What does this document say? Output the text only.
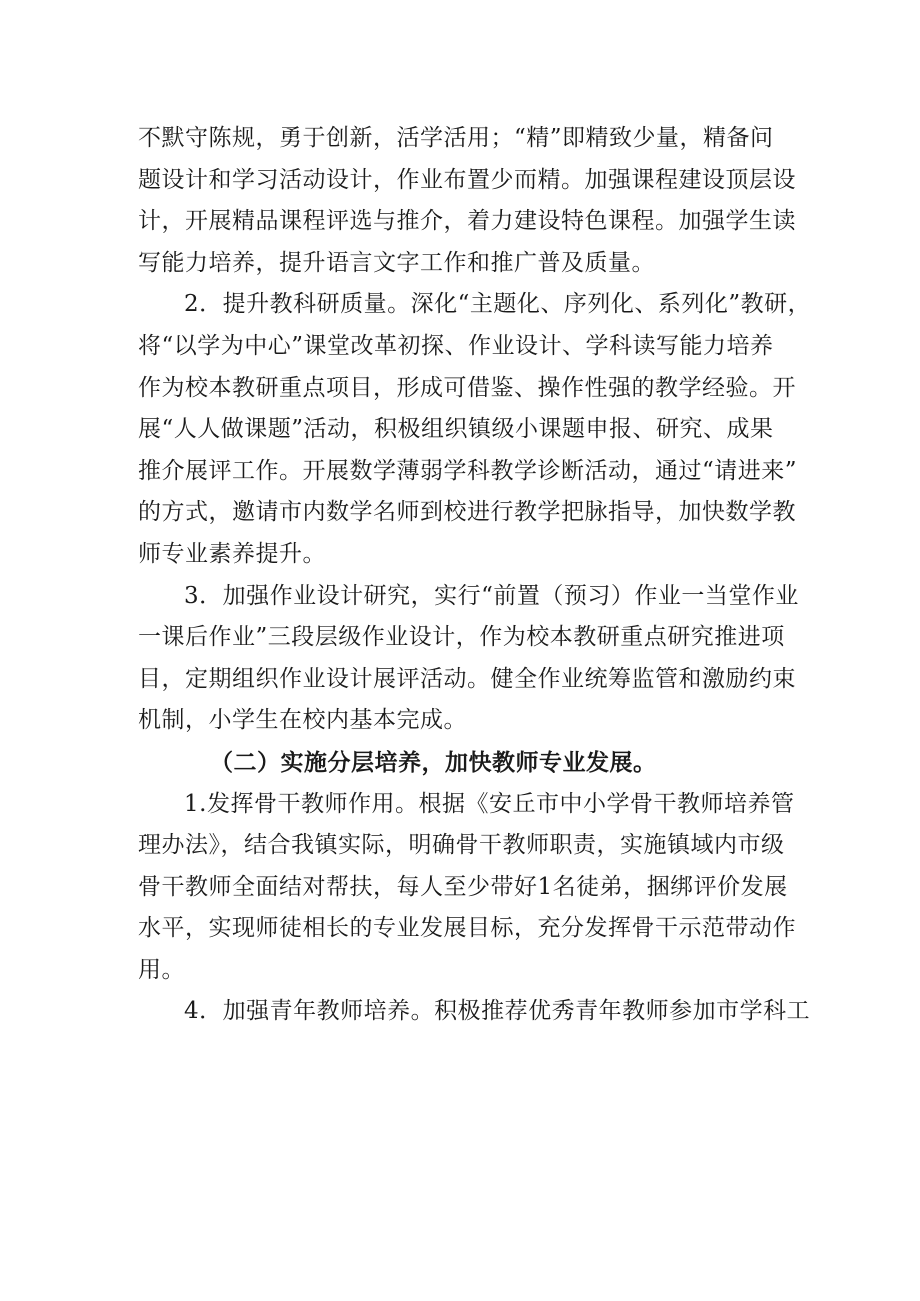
不默守陈规，勇于创新，活学活用；“精”即精致少量，精备问
题设计和学习活动设计，作业布置少而精。加强课程建设顶层设
计，开展精品课程评选与推介，着力建设特色课程。加强学生读
写能力培养，提升语言文字工作和推广普及质量。

2．提升教科研质量。深化“主题化、序列化、系列化”教研，
将“以学为中心”课堂改革初探、作业设计、学科读写能力培养
作为校本教研重点项目，形成可借鉴、操作性强的教学经验。开
展“人人做课题”活动，积极组织镇级小课题申报、研究、成果
推介展评工作。开展数学薄弱学科教学诊断活动，通过“请进来”
的方式，邀请市内数学名师到校进行教学把脉指导，加快数学教
师专业素养提升。

3．加强作业设计研究，实行“前置（预习）作业一当堂作业
一课后作业”三段层级作业设计，作为校本教研重点研究推进项
目，定期组织作业设计展评活动。健全作业统筹监管和激励约束
机制，小学生在校内基本完成。

（二）实施分层培养，加快教师专业发展。

1.发挥骨干教师作用。根据《安丘市中小学骨干教师培养管
理办法》，结合我镇实际，明确骨干教师职责，实施镇域内市级
骨干教师全面结对帮扶，每人至少带好1名徒弟，捆绑评价发展
水平，实现师徒相长的专业发展目标，充分发挥骨干示范带动作
用。

4．加强青年教师培养。积极推荐优秀青年教师参加市学科工
